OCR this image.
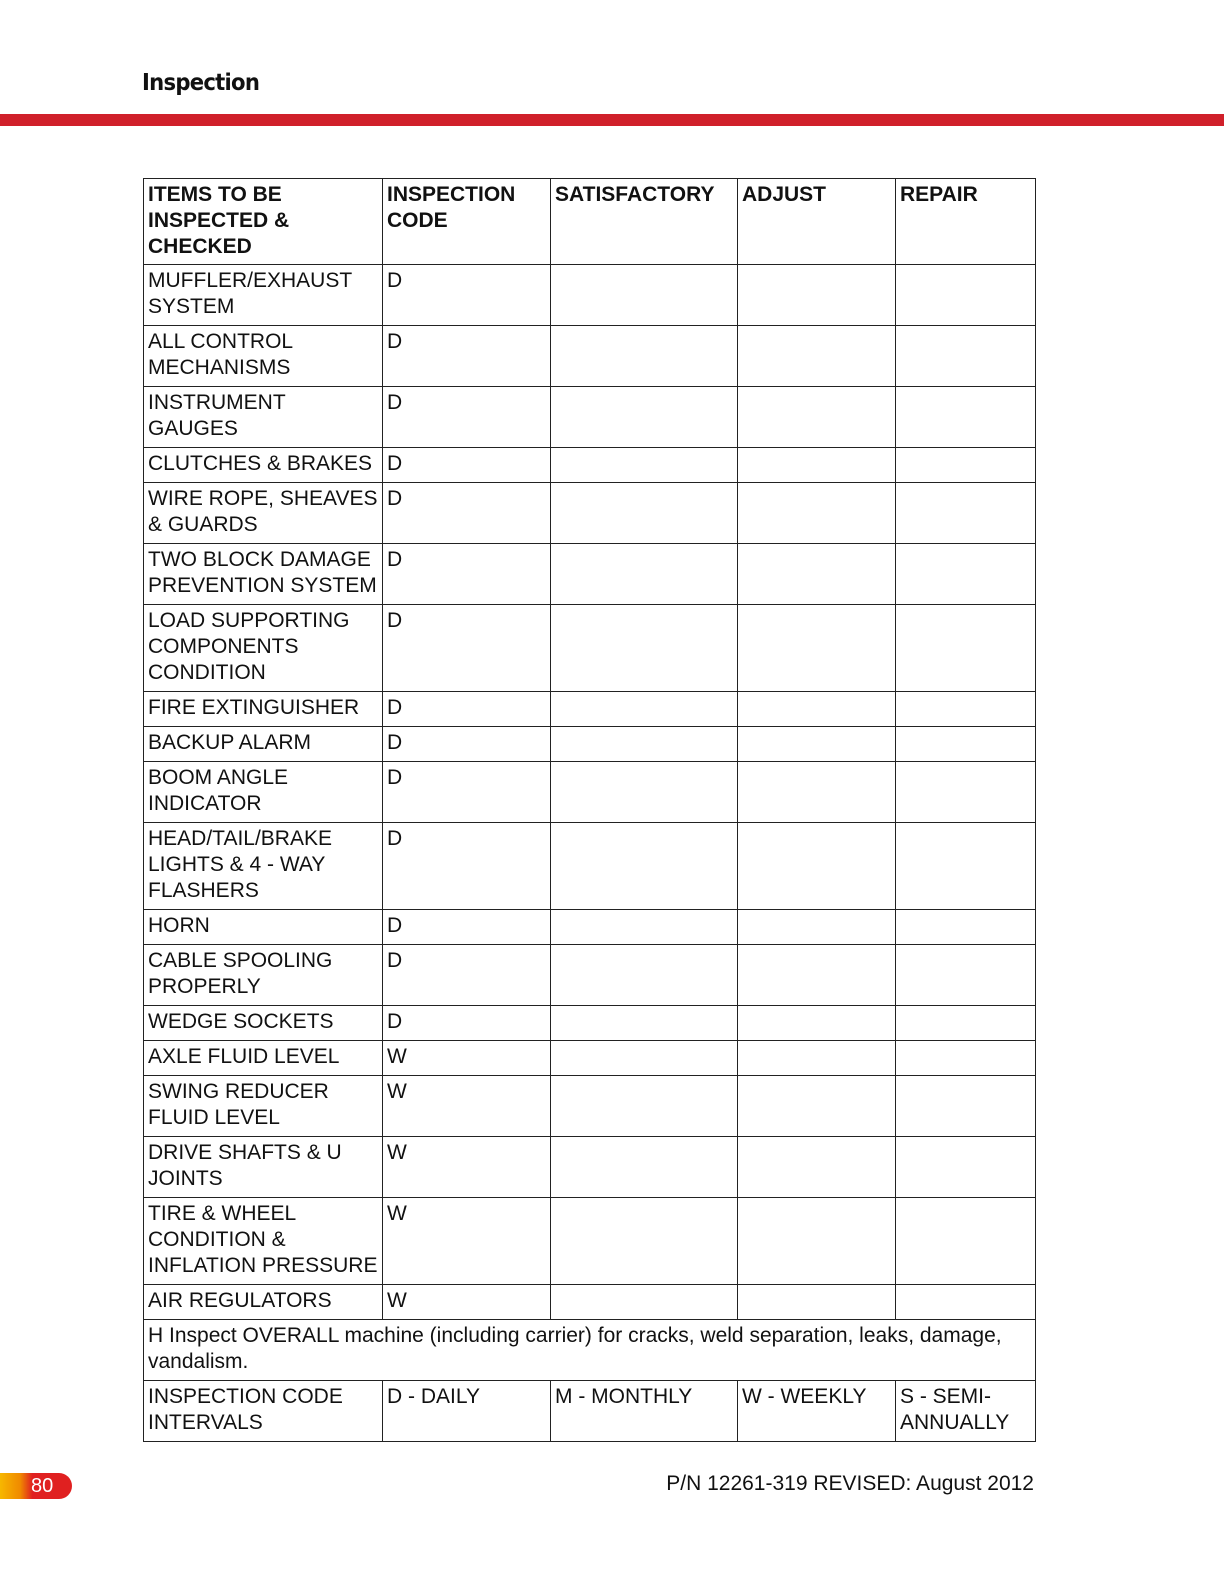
Inspection
ITEMS TO BE INSPECTED & CHECKED	INSPECTION CODE	SATISFACTORY	ADJUST	REPAIR
MUFFLER/EXHAUST SYSTEM	D			
ALL CONTROL MECHANISMS	D			
INSTRUMENT GAUGES	D			
CLUTCHES & BRAKES	D			
WIRE ROPE, SHEAVES & GUARDS	D			
TWO BLOCK DAMAGE PREVENTION SYSTEM	D			
LOAD SUPPORTING COMPONENTS CONDITION	D			
FIRE EXTINGUISHER	D			
BACKUP ALARM	D			
BOOM ANGLE INDICATOR	D			
HEAD/TAIL/BRAKE LIGHTS & 4 - WAY FLASHERS	D			
HORN	D			
CABLE SPOOLING PROPERLY	D			
WEDGE SOCKETS	D			
AXLE FLUID LEVEL	W			
SWING REDUCER FLUID LEVEL	W			
DRIVE SHAFTS & U JOINTS	W			
TIRE & WHEEL CONDITION & INFLATION PRESSURE	W			
AIR REGULATORS	W			
H Inspect OVERALL machine (including carrier) for cracks, weld separation, leaks, damage, vandalism.				
INSPECTION CODE INTERVALS	D - DAILY	M - MONTHLY	W - WEEKLY	S - SEMI-ANNUALLY
80	P/N 12261-319 REVISED: August 2012
